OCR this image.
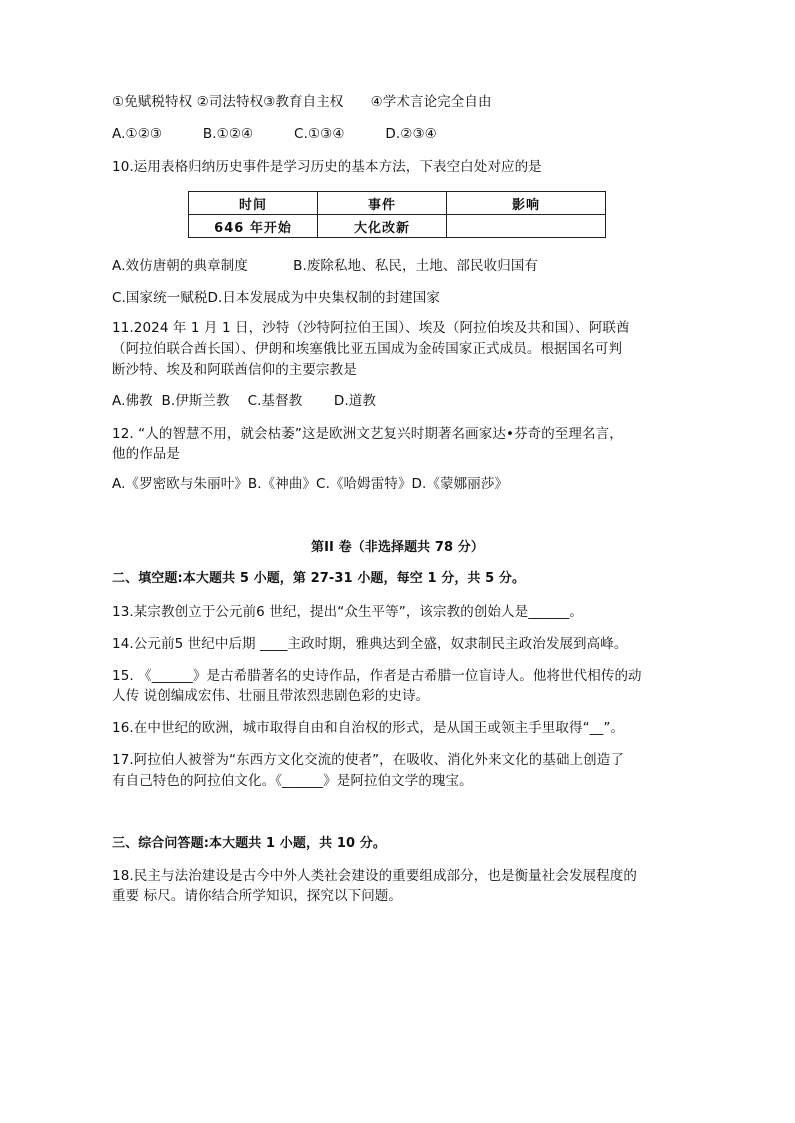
①免赋税特权 ②司法特权③教育自主权　　④学术言论完全自由
A.①②③　　　B.①②④　　　C.①③④　　　D.②③④
10.运用表格归纳历史事件是学习历史的基本方法，下表空白处对应的是
时间	事件	影响
646 年开始	大化改新	
A.效仿唐朝的典章制度　　　 B.废除私地、私民，土地、部民收归国有
C.国家统一赋税D.日本发展成为中央集权制的封建国家
11.2024 年 1 月 1 日，沙特（沙特阿拉伯王国）、埃及（阿拉伯埃及共和国）、阿联酋
（阿拉伯联合酋长国）、伊朗和埃塞俄比亚五国成为金砖国家正式成员。根据国名可判
断沙特、埃及和阿联酋信仰的主要宗教是
A.佛教  B.伊斯兰教　 C.基督教　　 D.道教
12. “人的智慧不用，就会枯萎”这是欧洲文艺复兴时期著名画家达•芬奇的至理名言，
他的作品是
A.《罗密欧与朱丽叶》B.《神曲》C.《哈姆雷特》D.《蒙娜丽莎》
第II 卷（非选择题共 78 分）
二、填空题:本大题共 5 小题，第 27-31 小题，每空 1 分，共 5 分。
13.某宗教创立于公元前6 世纪，提出“众生平等”，该宗教的创始人是______。
14.公元前5 世纪中后期 ____主政时期，雅典达到全盛，奴隶制民主政治发展到高峰。
15. 《______》是古希腊著名的史诗作品，作者是古希腊一位盲诗人。他将世代相传的动
人传 说创编成宏伟、壮丽且带浓烈悲剧色彩的史诗。
16.在中世纪的欧洲，城市取得自由和自治权的形式，是从国王或领主手里取得“__”。
17.阿拉伯人被誉为“东西方文化交流的使者”，在吸收、消化外来文化的基础上创造了
有自己特色的阿拉伯文化。《______》是阿拉伯文学的瑰宝。
三、综合问答题:本大题共 1 小题，共 10 分。
18.民主与法治建设是古今中外人类社会建设的重要组成部分，也是衡量社会发展程度的
重要 标尺。请你结合所学知识，探究以下问题。
